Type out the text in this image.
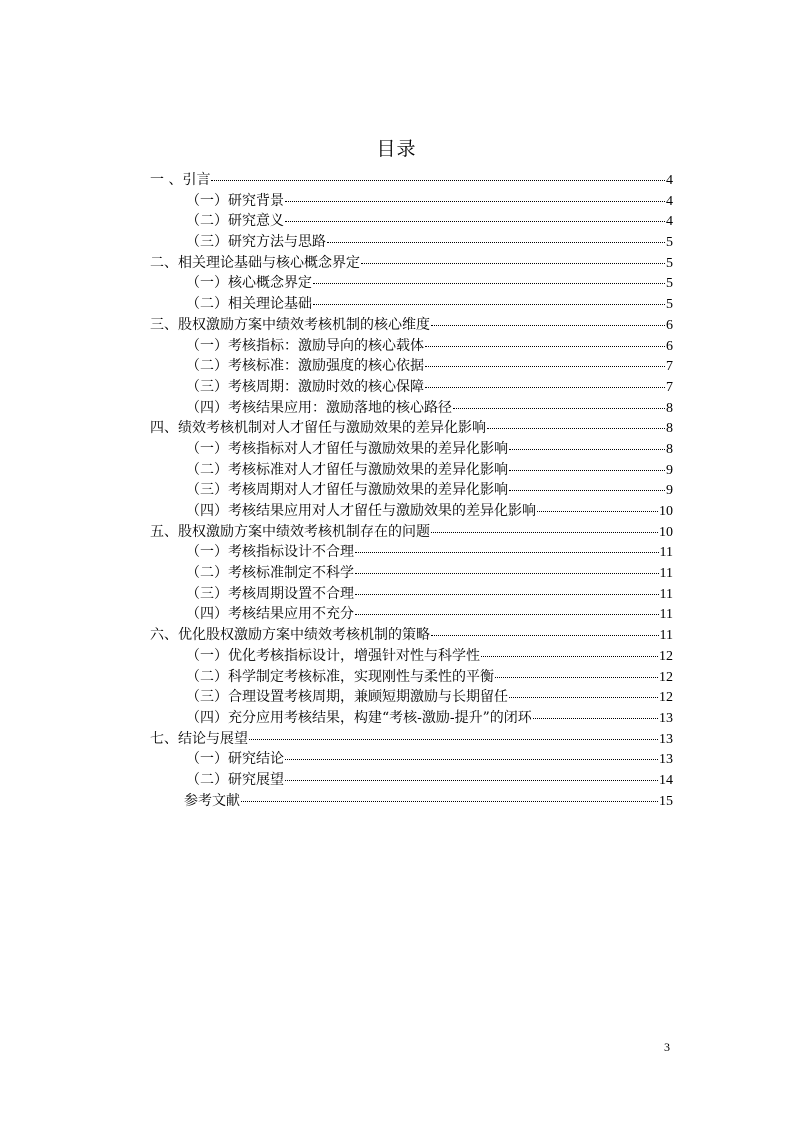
目录
一 、引言	4
（一）研究背景	4
（二）研究意义	4
（三）研究方法与思路	5
二、相关理论基础与核心概念界定	5
（一）核心概念界定	5
（二）相关理论基础	5
三、股权激励方案中绩效考核机制的核心维度	6
（一）考核指标：激励导向的核心载体	6
（二）考核标准：激励强度的核心依据	7
（三）考核周期：激励时效的核心保障	7
（四）考核结果应用：激励落地的核心路径	8
四、绩效考核机制对人才留任与激励效果的差异化影响	8
（一）考核指标对人才留任与激励效果的差异化影响	8
（二）考核标准对人才留任与激励效果的差异化影响	9
（三）考核周期对人才留任与激励效果的差异化影响	9
（四）考核结果应用对人才留任与激励效果的差异化影响	10
五、股权激励方案中绩效考核机制存在的问题	10
（一）考核指标设计不合理	11
（二）考核标准制定不科学	11
（三）考核周期设置不合理	11
（四）考核结果应用不充分	11
六、优化股权激励方案中绩效考核机制的策略	11
（一）优化考核指标设计，增强针对性与科学性	12
（二）科学制定考核标准，实现刚性与柔性的平衡	12
（三）合理设置考核周期，兼顾短期激励与长期留任	12
（四）充分应用考核结果，构建“考核-激励-提升”的闭环	13
七、结论与展望	13
（一）研究结论	13
（二）研究展望	14
参考文献	15
3
